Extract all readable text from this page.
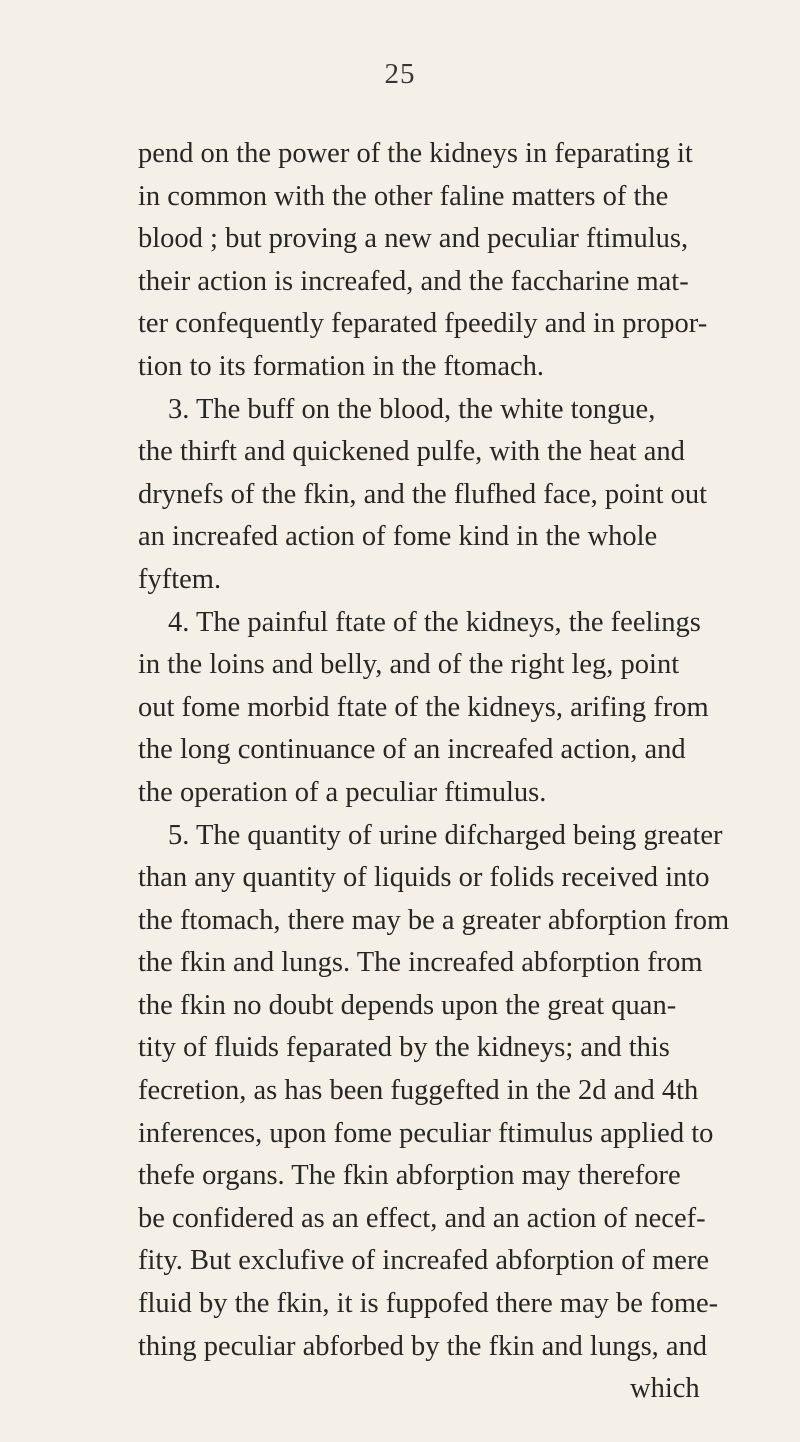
25
pend on the power of the kidneys in feparating it
in common with the other faline matters of the
blood ; but proving a new and peculiar ftimulus,
their action is increafed, and the faccharine mat-
ter confequently feparated fpeedily and in propor-
tion to its formation in the ftomach.
3. The buff on the blood, the white tongue,
the thirft and quickened pulfe, with the heat and
drynefs of the fkin, and the flufhed face, point out
an increafed action of fome kind in the whole
fyftem.
4. The painful ftate of the kidneys, the feelings
in the loins and belly, and of the right leg, point
out fome morbid ftate of the kidneys, arifing from
the long continuance of an increafed action, and
the operation of a peculiar ftimulus.
5. The quantity of urine difcharged being greater
than any quantity of liquids or folids received into
the ftomach, there may be a greater abforption from
the fkin and lungs. The increafed abforption from
the fkin no doubt depends upon the great quan-
tity of fluids feparated by the kidneys; and this
fecretion, as has been fuggefted in the 2d and 4th
inferences, upon fome peculiar ftimulus applied to
thefe organs. The fkin abforption may therefore
be confidered as an effect, and an action of necef-
fity. But exclufive of increafed abforption of mere
fluid by the fkin, it is fuppofed there may be fome-
thing peculiar abforbed by the fkin and lungs, and
which
